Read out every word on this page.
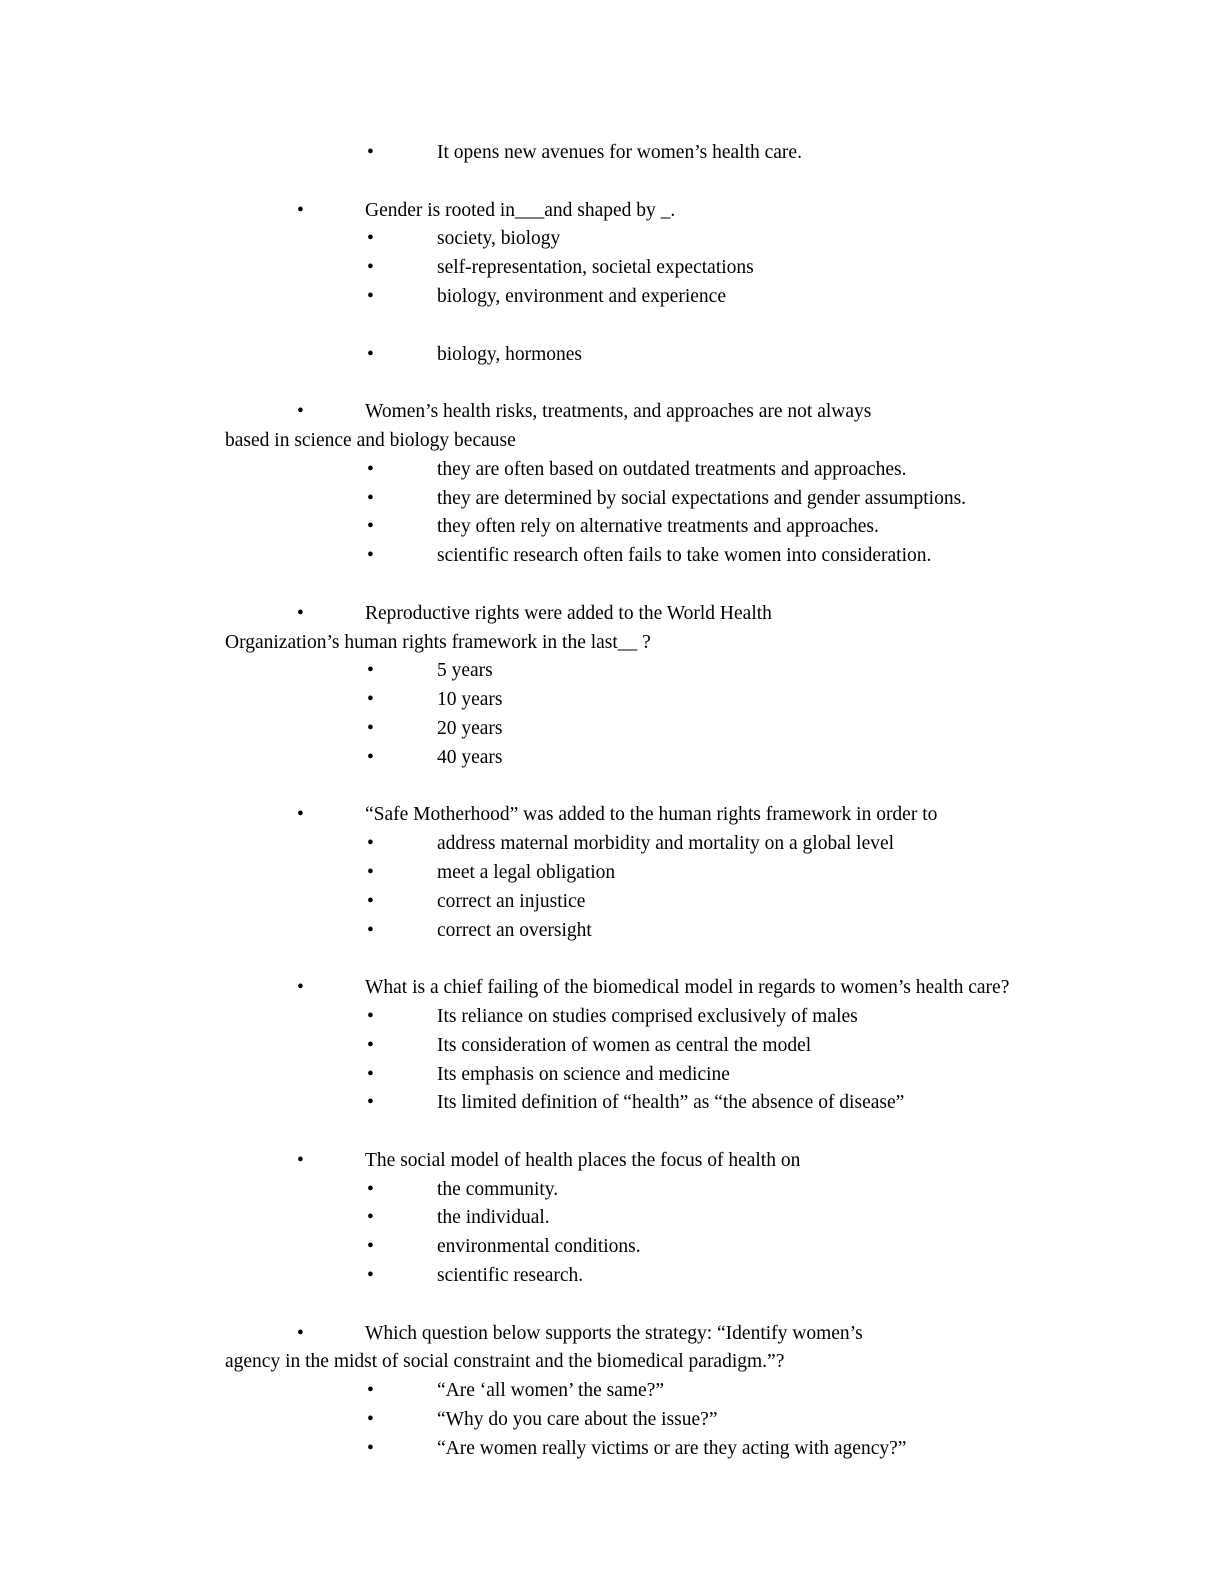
•	It opens new avenues for women’s health care.
•	Gender is rooted in___and shaped by _.
•	society, biology
•	self-representation, societal expectations
•	biology, environment and experience
•	biology, hormones
•	Women’s health risks, treatments, and approaches are not always
based in science and biology because
•	they are often based on outdated treatments and approaches.
•	they are determined by social expectations and gender assumptions.
•	they often rely on alternative treatments and approaches.
•	scientific research often fails to take women into consideration.
•	Reproductive rights were added to the World Health
Organization’s human rights framework in the last__ ?
•	5 years
•	10 years
•	20 years
•	40 years
•	“Safe Motherhood” was added to the human rights framework in order to
•	address maternal morbidity and mortality on a global level
•	meet a legal obligation
•	correct an injustice
•	correct an oversight
•	What is a chief failing of the biomedical model in regards to women’s health care?
•	Its reliance on studies comprised exclusively of males
•	Its consideration of women as central the model
•	Its emphasis on science and medicine
•	Its limited definition of “health” as “the absence of disease”
•	The social model of health places the focus of health on
•	the community.
•	the individual.
•	environmental conditions.
•	scientific research.
•	Which question below supports the strategy: “Identify women’s
agency in the midst of social constraint and the biomedical paradigm.”?
•	“Are ‘all women’ the same?”
•	“Why do you care about the issue?”
•	“Are women really victims or are they acting with agency?”
